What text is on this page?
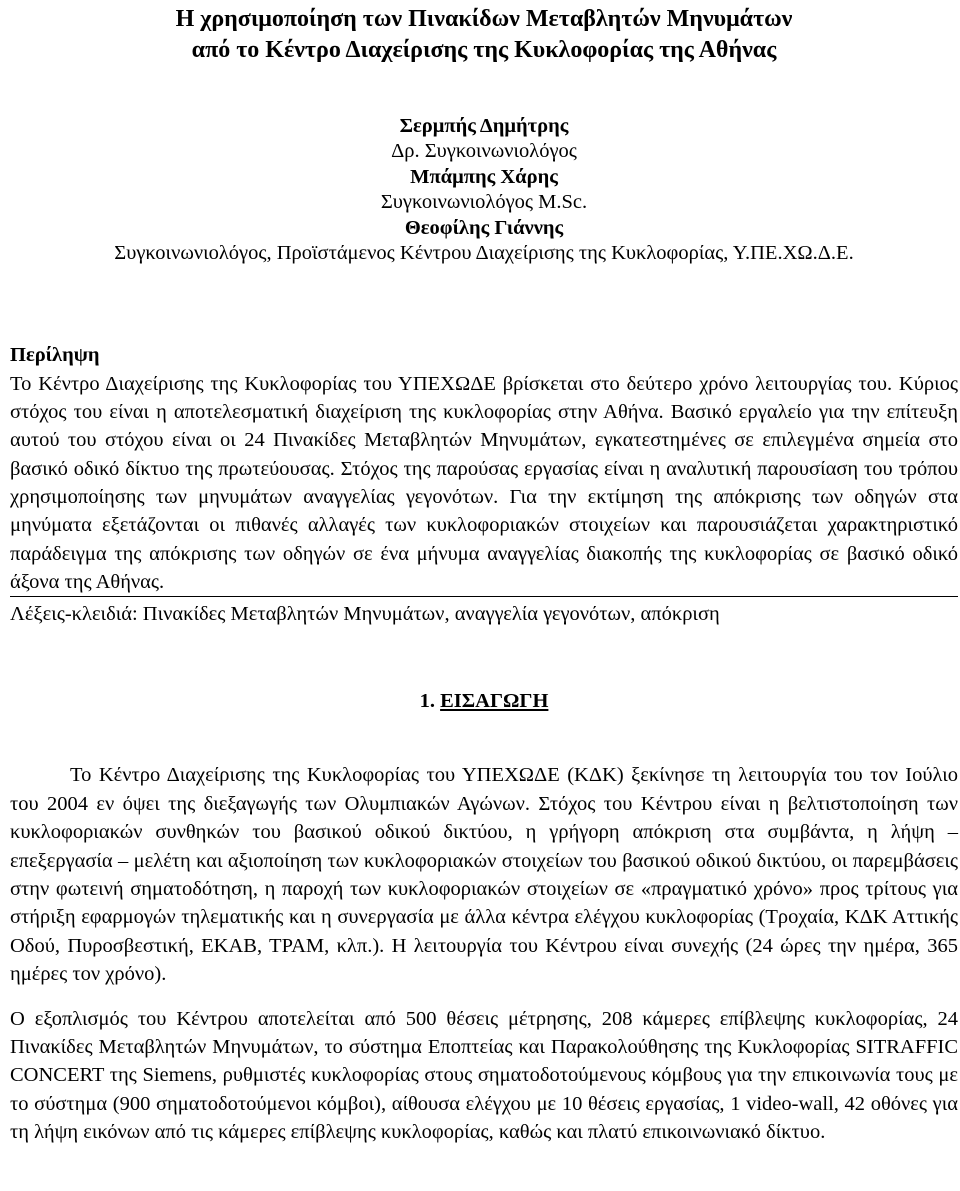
Η χρησιμοποίηση των Πινακίδων Μεταβλητών Μηνυμάτων
από το Κέντρο Διαχείρισης της Κυκλοφορίας της Αθήνας
Σερμπής Δημήτρης
Δρ. Συγκοινωνιολόγος
Μπάμπης Χάρης
Συγκοινωνιολόγος M.Sc.
Θεοφίλης Γιάννης
Συγκοινωνιολόγος, Προϊστάμενος Κέντρου Διαχείρισης της Κυκλοφορίας, Υ.ΠΕ.ΧΩ.Δ.Ε.
Περίληψη

Το Κέντρο Διαχείρισης της Κυκλοφορίας του ΥΠΕΧΩΔΕ βρίσκεται στο δεύτερο χρόνο λειτουργίας του. Κύριος στόχος του είναι η αποτελεσματική διαχείριση της κυκλοφορίας στην Αθήνα. Βασικό εργαλείο για την επίτευξη αυτού του στόχου είναι οι 24 Πινακίδες Μεταβλητών Μηνυμάτων, εγκατεστημένες σε επιλεγμένα σημεία στο βασικό οδικό δίκτυο της πρωτεύουσας. Στόχος της παρούσας εργασίας είναι η αναλυτική παρουσίαση του τρόπου χρησιμοποίησης των μηνυμάτων αναγγελίας γεγονότων. Για την εκτίμηση της απόκρισης των οδηγών στα μηνύματα εξετάζονται οι πιθανές αλλαγές των κυκλοφοριακών στοιχείων και παρουσιάζεται χαρακτηριστικό παράδειγμα της απόκρισης των οδηγών σε ένα μήνυμα αναγγελίας διακοπής της κυκλοφορίας σε βασικό οδικό άξονα της Αθήνας.

Λέξεις-κλειδιά: Πινακίδες Μεταβλητών Μηνυμάτων, αναγγελία γεγονότων, απόκριση

1. ΕΙΣΑΓΩΓΗ

Το Κέντρο Διαχείρισης της Κυκλοφορίας του ΥΠΕΧΩΔΕ (ΚΔΚ) ξεκίνησε τη λειτουργία του τον Ιούλιο του 2004 εν όψει της διεξαγωγής των Ολυμπιακών Αγώνων. Στόχος του Κέντρου είναι η βελτιστοποίηση των κυκλοφοριακών συνθηκών του βασικού οδικού δικτύου, η γρήγορη απόκριση στα συμβάντα, η λήψη – επεξεργασία – μελέτη και αξιοποίηση των κυκλοφοριακών στοιχείων του βασικού οδικού δικτύου, οι παρεμβάσεις στην φωτεινή σηματοδότηση, η παροχή των κυκλοφοριακών στοιχείων σε «πραγματικό χρόνο» προς τρίτους για στήριξη εφαρμογών τηλεματικής και η συνεργασία με άλλα κέντρα ελέγχου κυκλοφορίας (Τροχαία, ΚΔΚ Αττικής Οδού, Πυροσβεστική, ΕΚΑΒ, ΤΡΑΜ, κλπ.). Η λειτουργία του Κέντρου είναι συνεχής (24 ώρες την ημέρα, 365 ημέρες τον χρόνο).

Ο εξοπλισμός του Κέντρου αποτελείται από 500 θέσεις μέτρησης, 208 κάμερες επίβλεψης κυκλοφορίας, 24 Πινακίδες Μεταβλητών Μηνυμάτων, το σύστημα Εποπτείας και Παρακολούθησης της Κυκλοφορίας SITRAFFIC CONCERT της Siemens, ρυθμιστές κυκλοφορίας στους σηματοδοτούμενους κόμβους για την επικοινωνία τους με το σύστημα (900 σηματοδοτούμενοι κόμβοι), αίθουσα ελέγχου με 10 θέσεις εργασίας, 1 video-wall, 42 οθόνες για τη λήψη εικόνων από τις κάμερες επίβλεψης κυκλοφορίας, καθώς και πλατύ επικοινωνιακό δίκτυο.
